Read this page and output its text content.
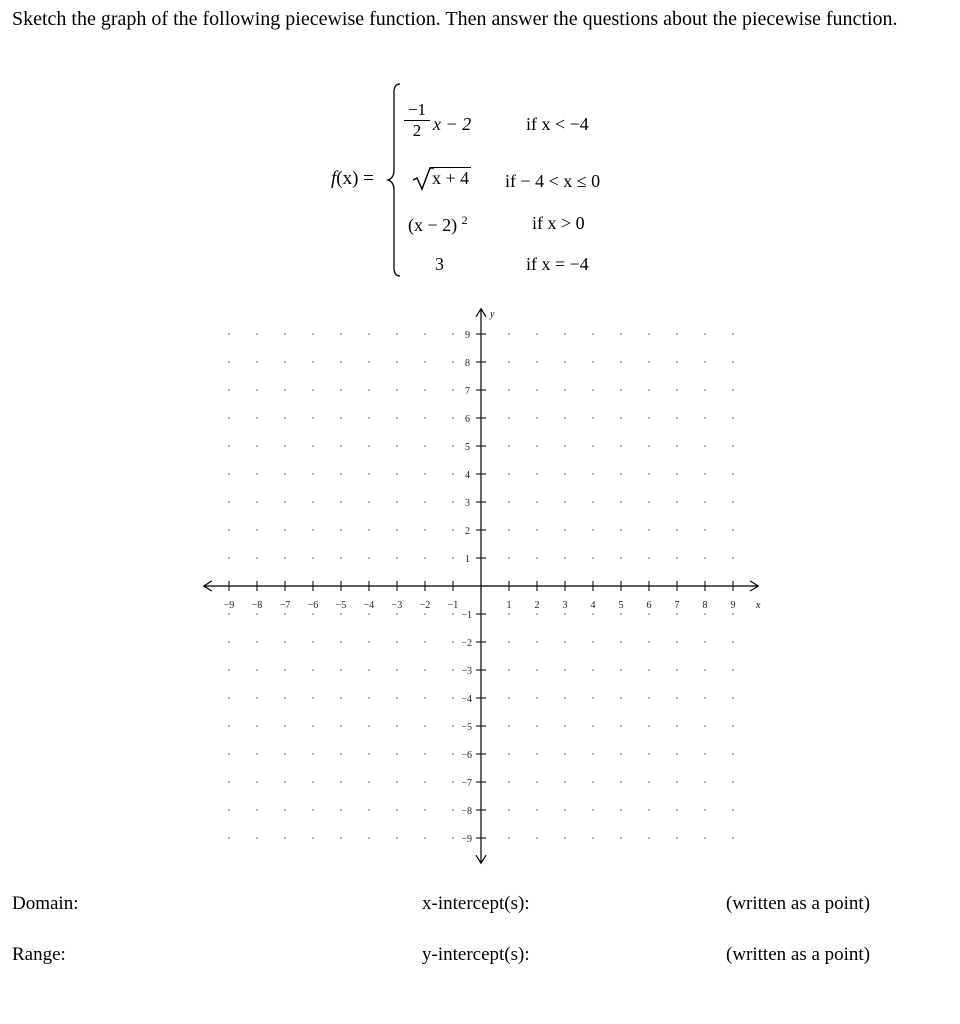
Sketch the graph of the following piecewise function. Then answer the questions about the piecewise function.
f(x) =
$\frac{-1}{2}$ x − 2	if x < −4
x + 4 if − 4 < x ≤ 0
(x − 2) $^2$	if x > 0
3	if x = −4
−9 −8 −7 −6 −5 −4 −3 −2 −1	1 2 3 4 5 6 7 8 9
1
2
3
4
5
6
7
8
9
−1
−2
−3
−4
−5
−6
−7
−8
−9
x
y
Domain:	x-intercept(s):	(written as a point)
Range:	y-intercept(s):	(written as a point)
